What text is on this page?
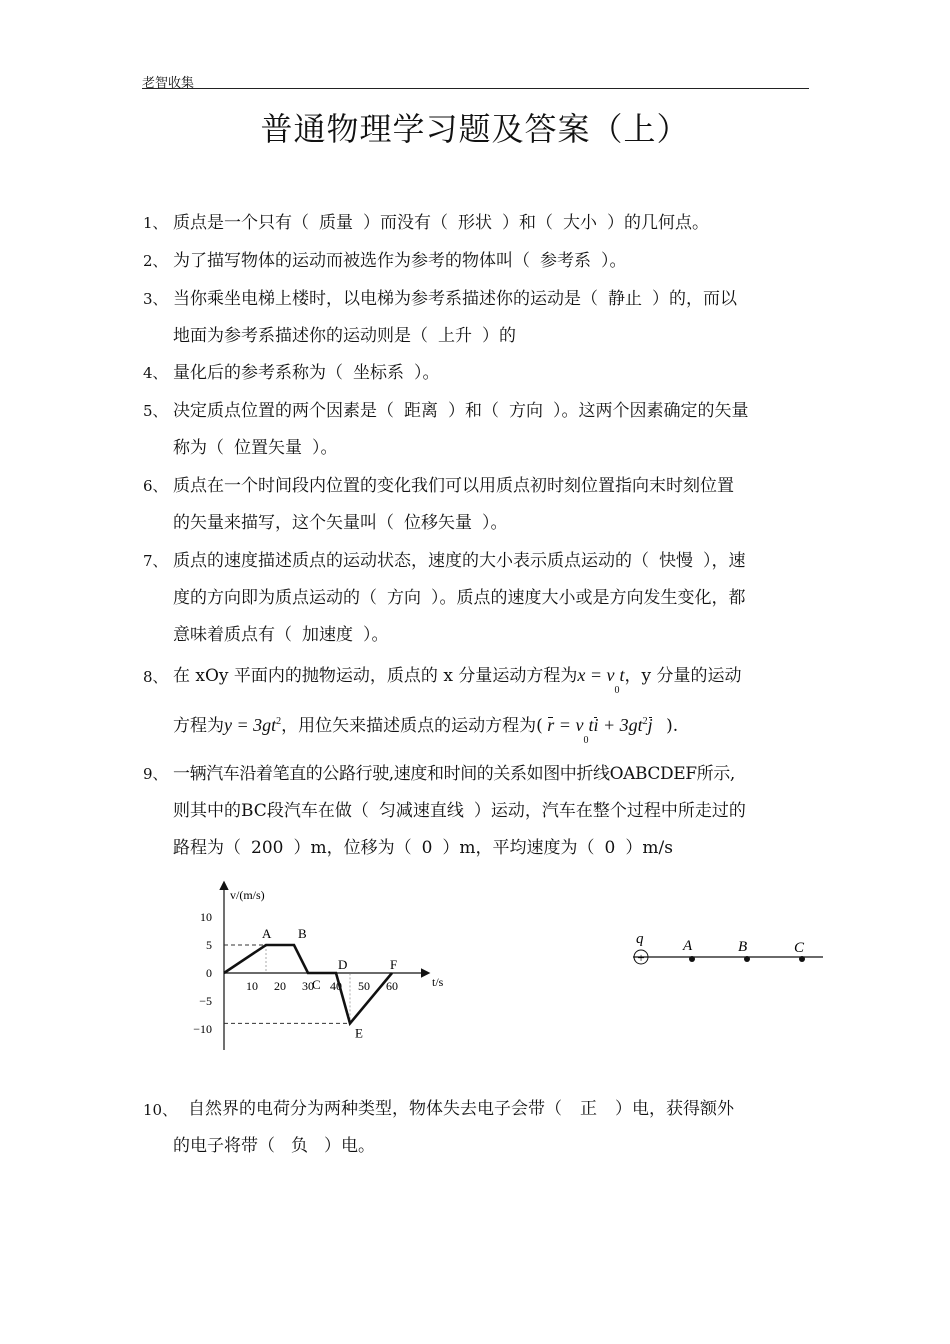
老智收集
普通物理学习题及答案（上）
1、 质点是一个只有（ 质量 ）而没有（ 形状 ）和（ 大小 ）的几何点。
2、 为了描写物体的运动而被选作为参考的物体叫（ 参考系 ）。
3、 当你乘坐电梯上楼时，以电梯为参考系描述你的运动是（ 静止 ）的，而以
地面为参考系描述你的运动则是（ 上升 ）的
4、 量化后的参考系称为（ 坐标系 ）。
5、 决定质点位置的两个因素是（ 距离 ）和（ 方向 ）。这两个因素确定的矢量
称为（ 位置矢量 ）。
6、 质点在一个时间段内位置的变化我们可以用质点初时刻位置指向末时刻位置
的矢量来描写，这个矢量叫（ 位移矢量 ）。
7、 质点的速度描述质点的运动状态，速度的大小表示质点运动的（ 快慢 ），速
度的方向即为质点运动的（ 方向 ）。质点的速度大小或是方向发生变化，都
意味着质点有（ 加速度 ）。
8、 在 xOy 平面内的抛物运动，质点的 x 分量运动方程为$x = v_0t$，y 分量的运动
方程为$y = 3gt^2$，用位矢来描述质点的运动方程为( $r = v_0ti + 3gt^2j$ ).
9、 一辆汽车沿着笔直的公路行驶,速度和时间的关系如图中折线OABCDEF所示,
则其中的BC段汽车在做（ 匀减速直线 ）运动，汽车在整个过程中所走过的
路程为（ 200 ）m，位移为（ 0 ）m，平均速度为（ 0 ）m/s
v/(m/s)
t/s
10 20 30 40 50 60
10
5
0
−5
−10
A B
C
D
E
F	+
q	A	B	C
10、 自然界的电荷分为两种类型，物体失去电子会带（ 正 ）电，获得额外
的电子将带（ 负 ）电。
